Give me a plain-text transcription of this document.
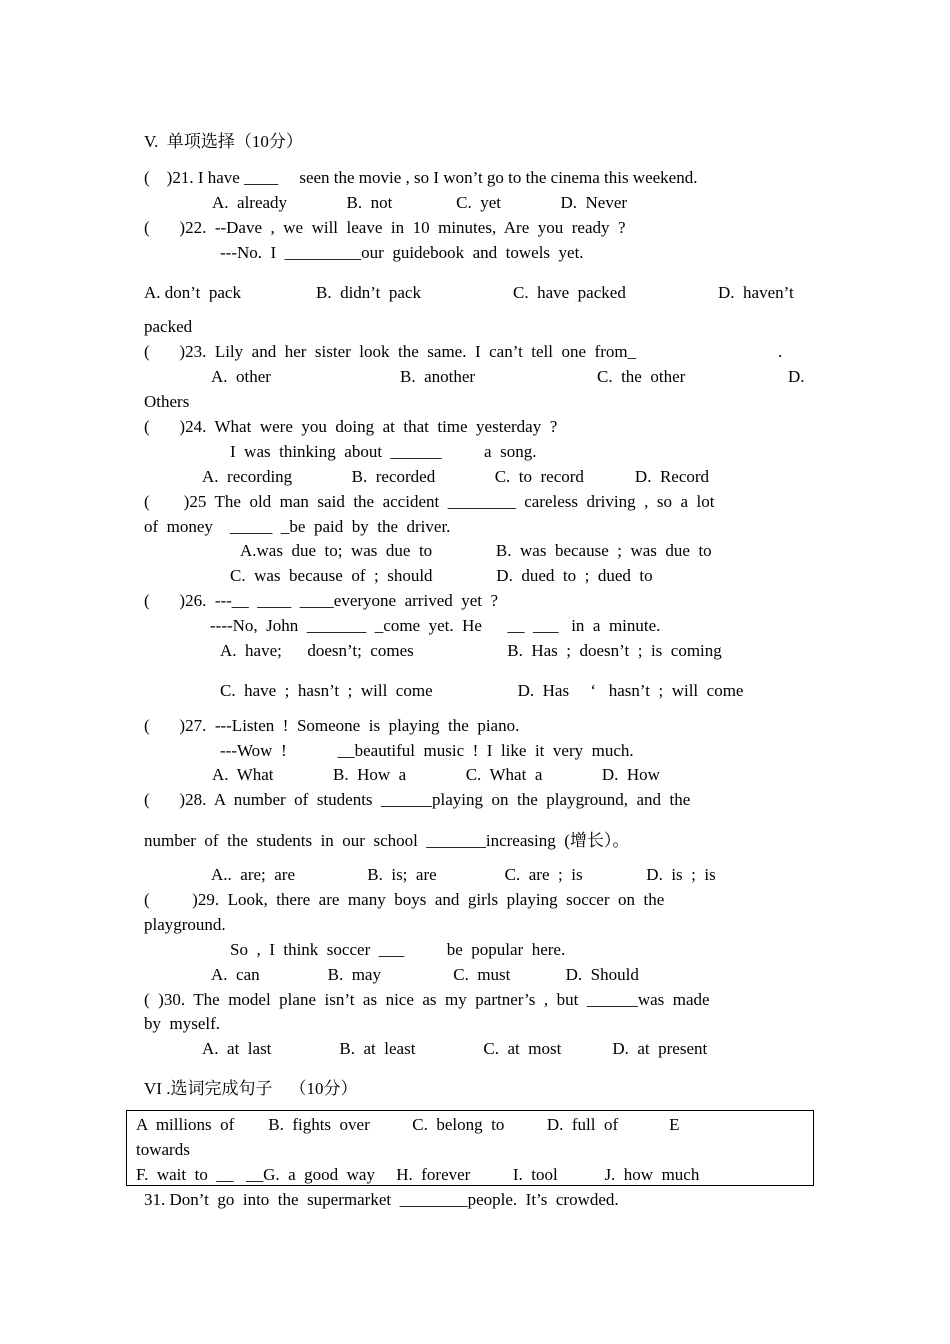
V.  单项选择（10分）
(    )21. I have ____     seen the movie , so I won’t go to the cinema this weekend.
A.  already              B.  not               C.  yet              D.  Never
(       )22.  --Dave  ,  we  will  leave  in  10  minutes,  Are  you  ready  ?
---No.  I  _________our  guidebook  and  towels  yet.
A. don’t  pack	B.  didn’t  pack	C.  have  packed	D.  haven’t
packed
(       )23.  Lily  and  her  sister  look  the  same.  I  can’t  tell  one  from_	.
A.  other	B.  another	C.  the  other	D.
Others
(       )24.  What  were  you  doing  at  that  time  yesterday  ?
I  was  thinking  about  ______          a  song.
A.  recording              B.  recorded              C.  to  record            D.  Record
(        )25  The  old  man  said  the  accident  ________  careless  driving  ,  so  a  lot
of  money    _____  _be  paid  by  the  driver.
A.was  due  to;  was  due  to               B.  was  because  ;  was  due  to
C.  was  because  of  ;  should               D.  dued  to  ;  dued  to
(       )26.  ---__  ____  ____everyone  arrived  yet  ?
----No,  John  _______  _come  yet.  He      __  ___   in  a  minute.
A.  have;      doesn’t;  comes                      B.  Has  ;  doesn’t  ;  is  coming
C.  have  ;  hasn’t  ;  will  come                    D.  Has     ‘   hasn’t  ;  will  come
(       )27.  ---Listen  !  Someone  is  playing  the  piano.
---Wow  !            __beautiful  music  !  I  like  it  very  much.
A.  What              B.  How  a              C.  What  a              D.  How
(       )28.  A  number  of  students  ______playing  on  the  playground,  and  the
number  of  the  students  in  our  school  _______increasing  (增长）。
A..  are;  are                 B.  is;  are                C.  are  ;  is               D.  is  ;  is
(          )29.  Look,  there  are  many  boys  and  girls  playing  soccer  on  the
playground.
So  ,  I  think  soccer  ___          be  popular  here.
A.  can                B.  may                 C.  must             D.  Should
(  )30.  The  model  plane  isn’t  as  nice  as  my  partner’s  ,  but  ______was  made
by  myself.
A.  at  last                B.  at  least                C.  at  most            D.  at  present
VI .选词完成句子    （10分）
A  millions  of        B.  fights  over          C.  belong  to          D.  full  of            E
towards
F.  wait  to  __   __G.  a  good  way     H.  forever          I.  tool           J.  how  much
31. Don’t  go  into  the  supermarket  ________people.  It’s  crowded.
